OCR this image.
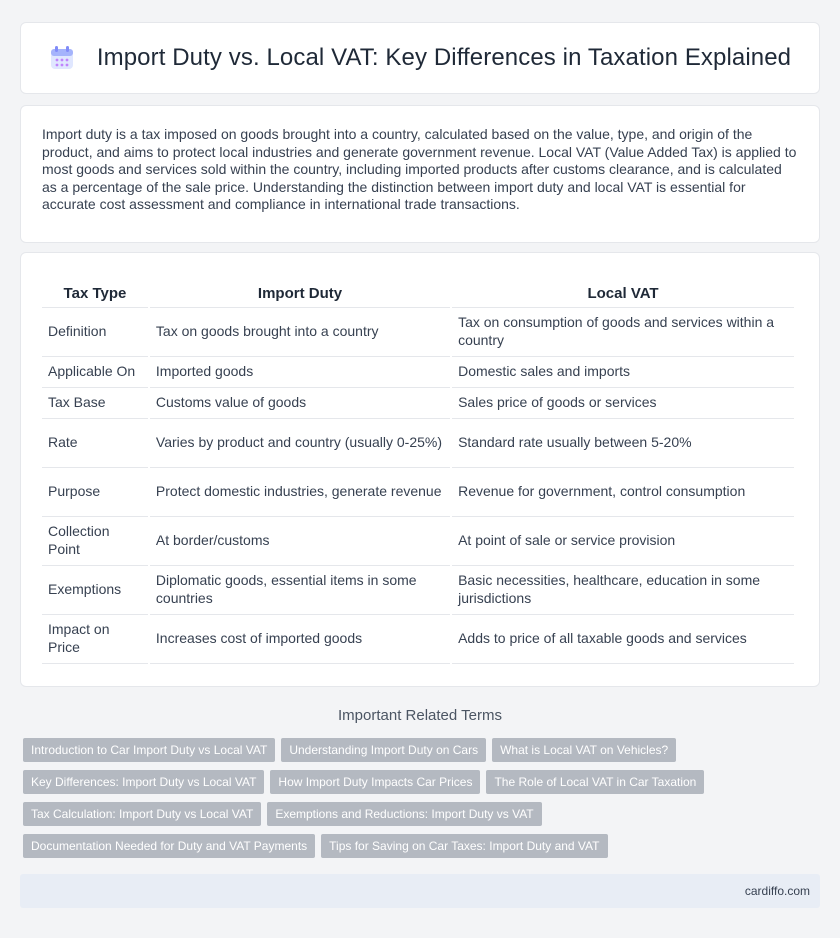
Import Duty vs. Local VAT: Key Differences in Taxation Explained

Import duty is a tax imposed on goods brought into a country, calculated based on the value, type, and origin of the product, and aims to protect local industries and generate government revenue. Local VAT (Value Added Tax) is applied to most goods and services sold within the country, including imported products after customs clearance, and is calculated as a percentage of the sale price. Understanding the distinction between import duty and local VAT is essential for accurate cost assessment and compliance in international trade transactions.

Tax Type	Import Duty	Local VAT
Definition	Tax on goods brought into a country	Tax on consumption of goods and services within a country
Applicable On	Imported goods	Domestic sales and imports
Tax Base	Customs value of goods	Sales price of goods or services
Rate	Varies by product and country (usually 0-25%)	Standard rate usually between 5-20%
Purpose	Protect domestic industries, generate revenue	Revenue for government, control consumption
Collection Point	At border/customs	At point of sale or service provision
Exemptions	Diplomatic goods, essential items in some countries	Basic necessities, healthcare, education in some jurisdictions
Impact on Price	Increases cost of imported goods	Adds to price of all taxable goods and services
Important Related Terms
Introduction to Car Import Duty vs Local VAT	Understanding Import Duty on Cars	What is Local VAT on Vehicles?
Key Differences: Import Duty vs Local VAT	How Import Duty Impacts Car Prices	The Role of Local VAT in Car Taxation
Tax Calculation: Import Duty vs Local VAT	Exemptions and Reductions: Import Duty vs VAT
Documentation Needed for Duty and VAT Payments	Tips for Saving on Car Taxes: Import Duty and VAT
cardiffo.com
